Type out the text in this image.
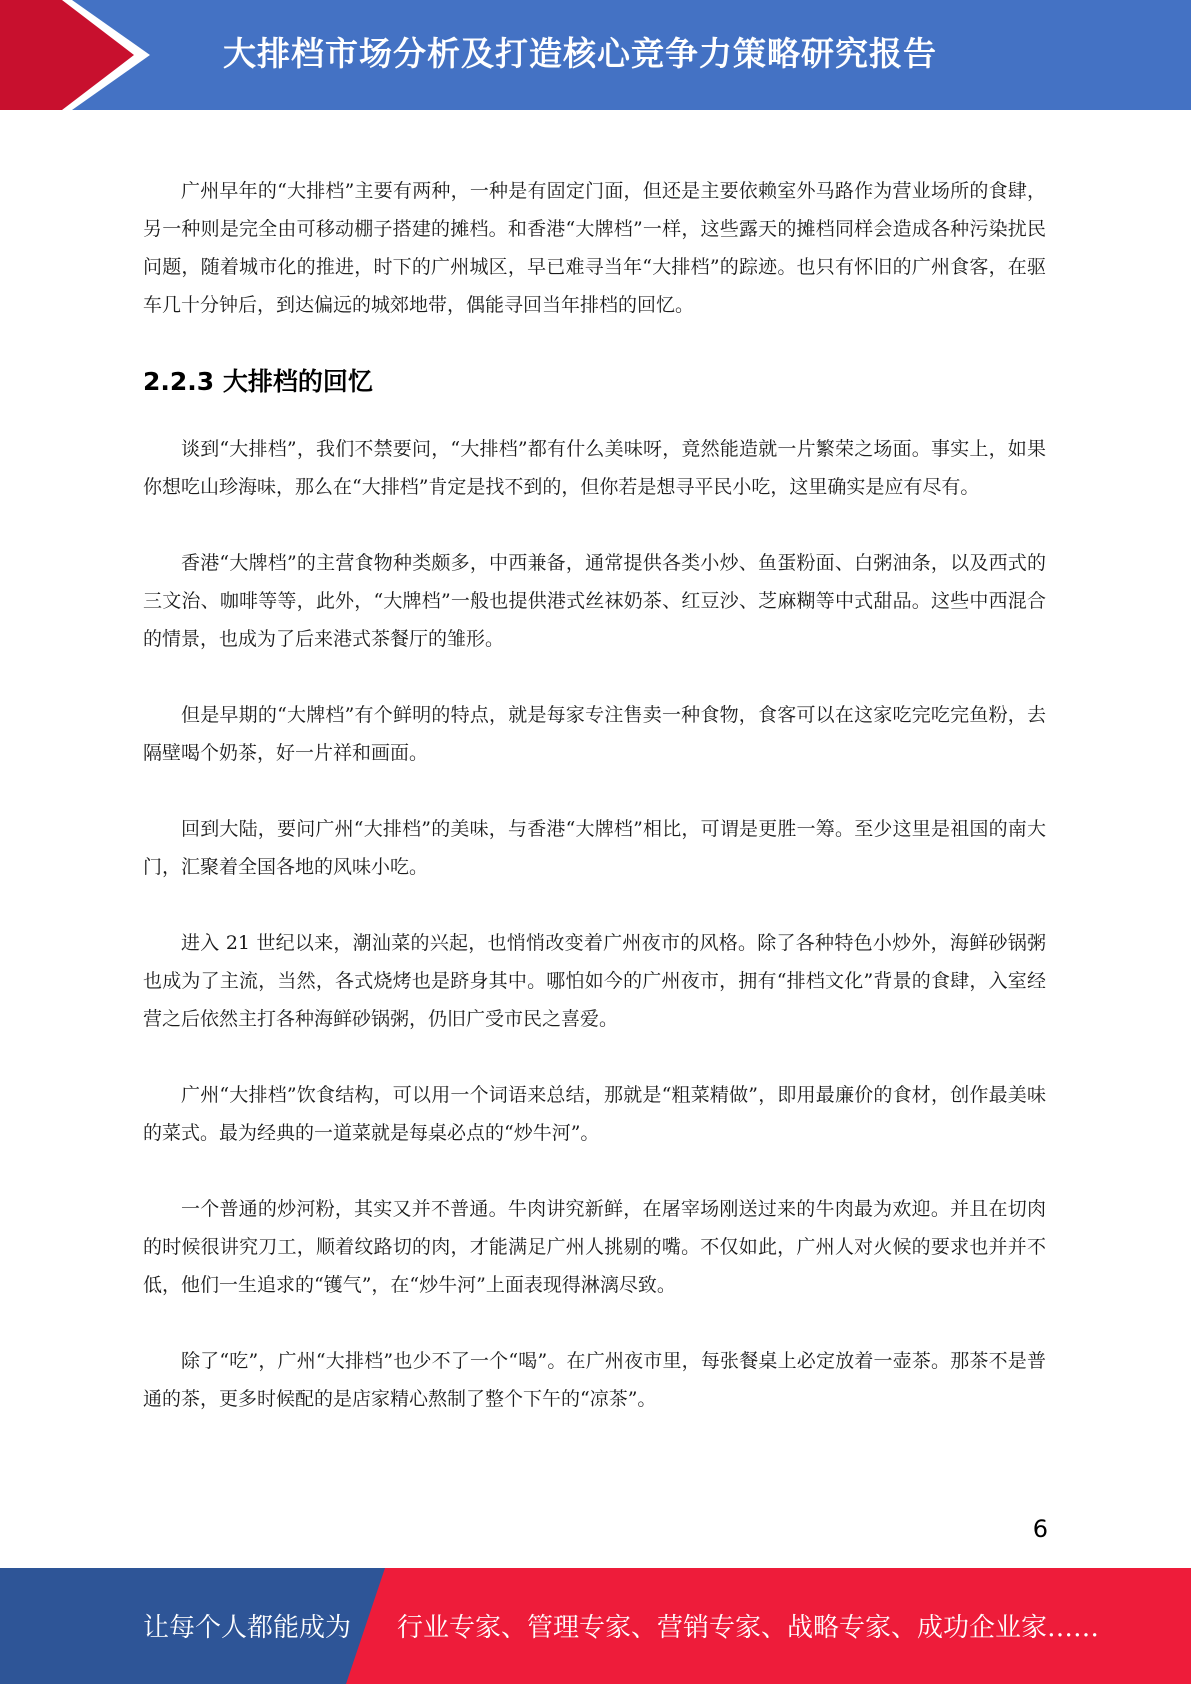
大排档市场分析及打造核心竞争力策略研究报告

广州早年的“大排档”主要有两种，一种是有固定门面，但还是主要依赖室外马路作为营业场所的食肆，另一种则是完全由可移动棚子搭建的摊档。和香港“大牌档”一样，这些露天的摊档同样会造成各种污染扰民问题，随着城市化的推进，时下的广州城区，早已难寻当年“大排档”的踪迹。也只有怀旧的广州食客，在驱车几十分钟后，到达偏远的城郊地带，偶能寻回当年排档的回忆。

2.2.3 大排档的回忆

谈到“大排档”，我们不禁要问，“大排档”都有什么美味呀，竟然能造就一片繁荣之场面。事实上，如果你想吃山珍海味，那么在“大排档”肯定是找不到的，但你若是想寻平民小吃，这里确实是应有尽有。

香港“大牌档”的主营食物种类颇多，中西兼备，通常提供各类小炒、鱼蛋粉面、白粥油条，以及西式的三文治、咖啡等等，此外，“大牌档”一般也提供港式丝袜奶茶、红豆沙、芝麻糊等中式甜品。这些中西混合的情景，也成为了后来港式茶餐厅的雏形。

但是早期的“大牌档”有个鲜明的特点，就是每家专注售卖一种食物，食客可以在这家吃完吃完鱼粉，去隔壁喝个奶茶，好一片祥和画面。

回到大陆，要问广州“大排档”的美味，与香港“大牌档”相比，可谓是更胜一筹。至少这里是祖国的南大门，汇聚着全国各地的风味小吃。

进入 21 世纪以来，潮汕菜的兴起，也悄悄改变着广州夜市的风格。除了各种特色小炒外，海鲜砂锅粥也成为了主流，当然，各式烧烤也是跻身其中。哪怕如今的广州夜市，拥有“排档文化”背景的食肆，入室经营之后依然主打各种海鲜砂锅粥，仍旧广受市民之喜爱。

广州“大排档”饮食结构，可以用一个词语来总结，那就是“粗菜精做”，即用最廉价的食材，创作最美味的菜式。最为经典的一道菜就是每桌必点的“炒牛河”。

一个普通的炒河粉，其实又并不普通。牛肉讲究新鲜，在屠宰场刚送过来的牛肉最为欢迎。并且在切肉的时候很讲究刀工，顺着纹路切的肉，才能满足广州人挑剔的嘴。不仅如此，广州人对火候的要求也并并不低，他们一生追求的“镬气”，在“炒牛河”上面表现得淋漓尽致。

除了“吃”，广州“大排档”也少不了一个“喝”。在广州夜市里，每张餐桌上必定放着一壶茶。那茶不是普通的茶，更多时候配的是店家精心熬制了整个下午的“凉茶”。

6
让每个人都能成为 行业专家、管理专家、营销专家、战略专家、成功企业家……
